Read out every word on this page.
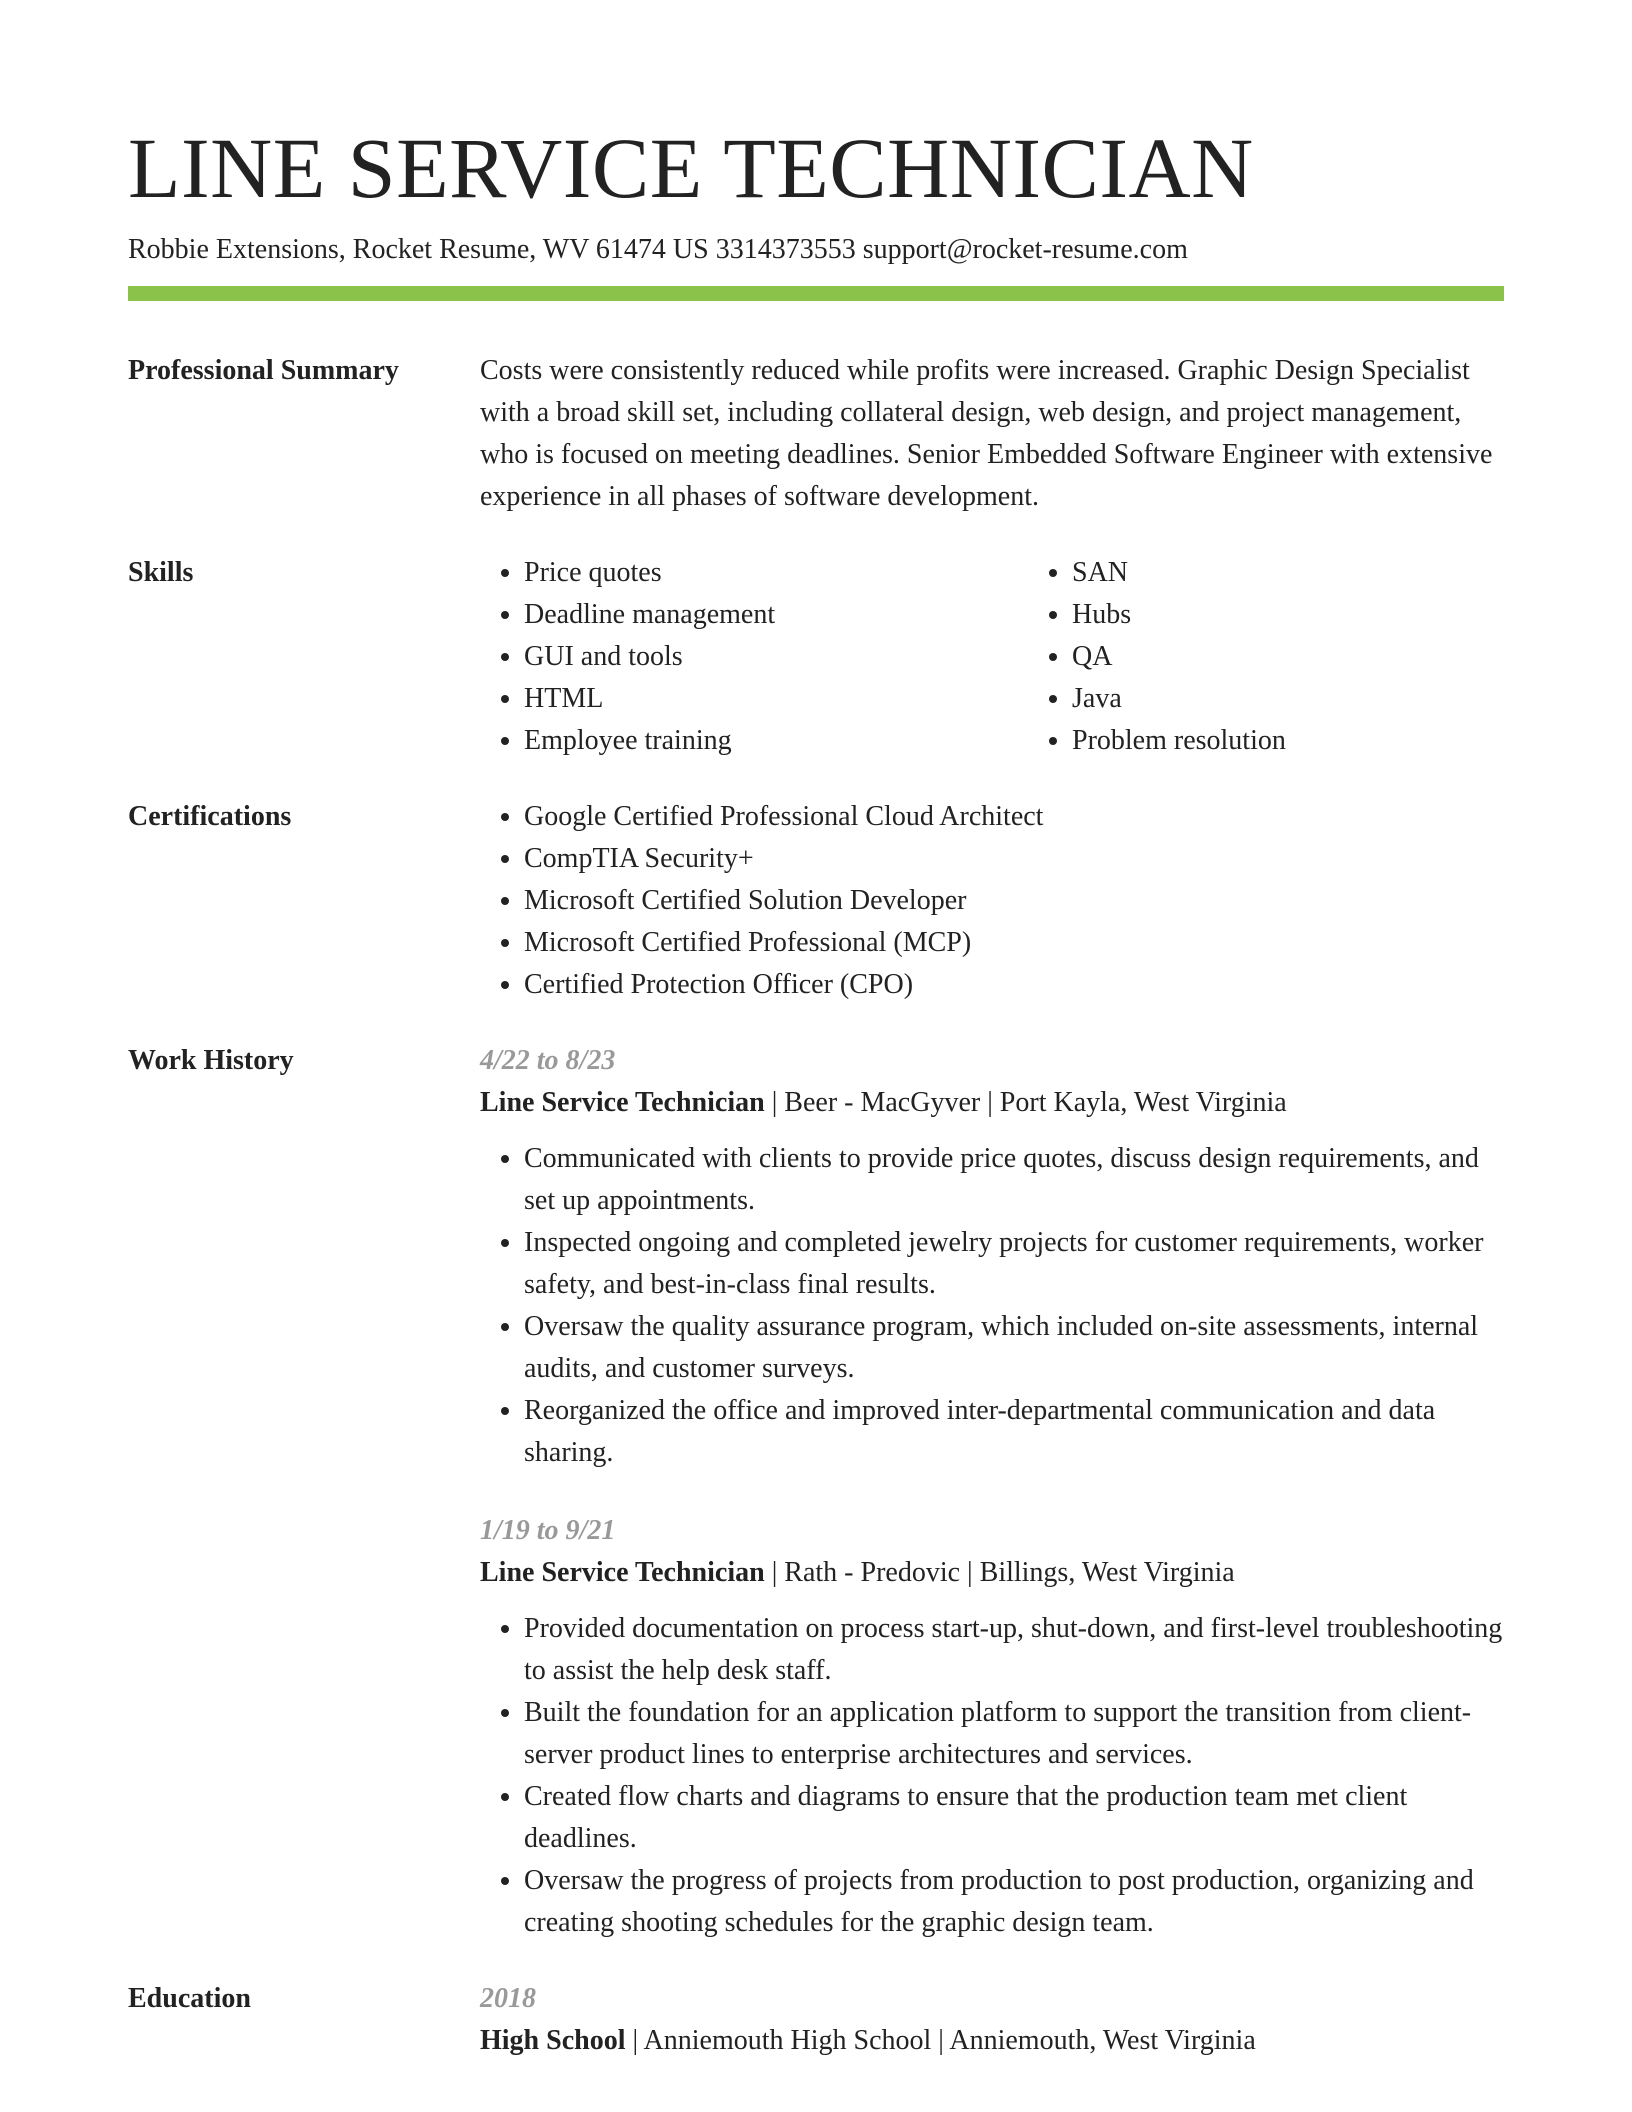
LINE SERVICE TECHNICIAN
Robbie Extensions, Rocket Resume, WV 61474 US 3314373553 support@rocket-resume.com
Professional Summary	Costs were consistently reduced while profits were increased. Graphic Design Specialist with a broad skill set, including collateral design, web design, and project management, who is focused on meeting deadlines. Senior Embedded Software Engineer with extensive experience in all phases of software development.

Skills	• Price quotes
• Deadline management
• GUI and tools
• HTML
• Employee training
• SAN
• Hubs
• QA
• Java
• Problem resolution
Certifications	• Google Certified Professional Cloud Architect
• CompTIA Security+
• Microsoft Certified Solution Developer
• Microsoft Certified Professional (MCP)
• Certified Protection Officer (CPO)
Work History	4/22 to 8/23
Line Service Technician | Beer - MacGyver | Port Kayla, West Virginia
• Communicated with clients to provide price quotes, discuss design requirements, and set up appointments.
• Inspected ongoing and completed jewelry projects for customer requirements, worker safety, and best-in-class final results.
• Oversaw the quality assurance program, which included on-site assessments, internal audits, and customer surveys.
• Reorganized the office and improved inter-departmental communication and data sharing.
1/19 to 9/21
Line Service Technician | Rath - Predovic | Billings, West Virginia
• Provided documentation on process start-up, shut-down, and first-level troubleshooting to assist the help desk staff.
• Built the foundation for an application platform to support the transition from client-server product lines to enterprise architectures and services.
• Created flow charts and diagrams to ensure that the production team met client deadlines.
• Oversaw the progress of projects from production to post production, organizing and creating shooting schedules for the graphic design team.
Education	2018
High School | Anniemouth High School | Anniemouth, West Virginia
